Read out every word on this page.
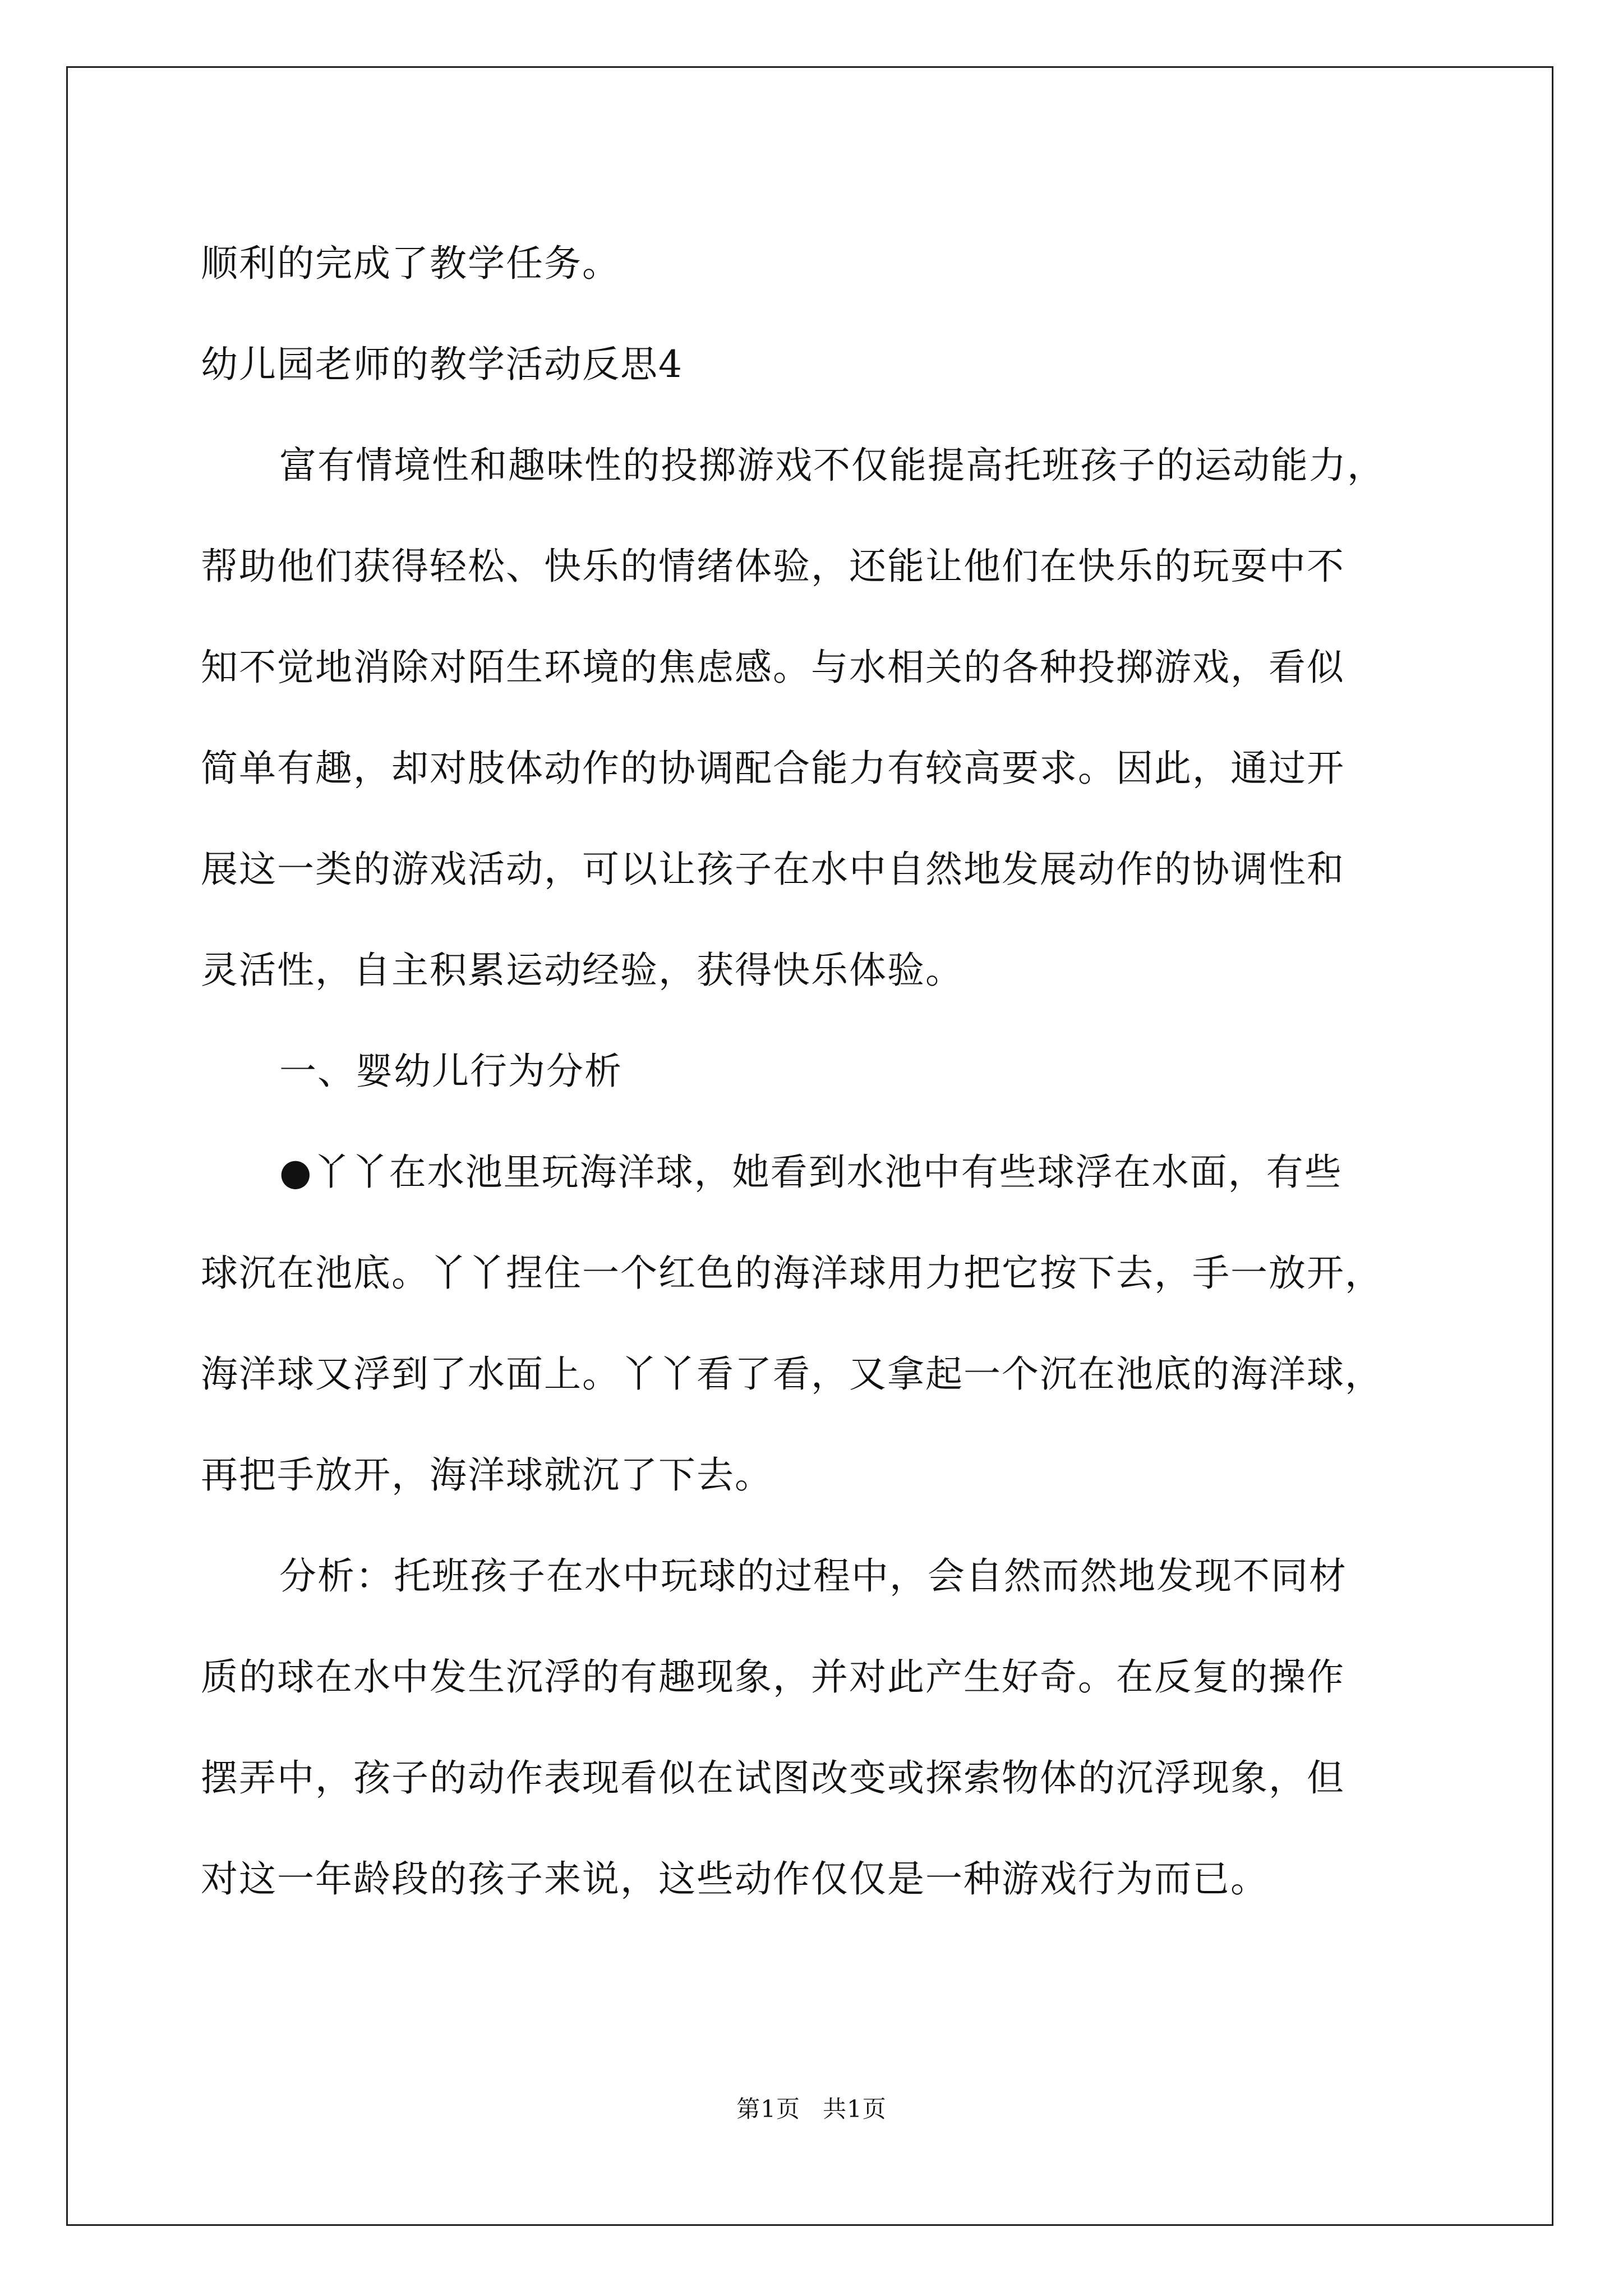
顺利的完成了教学任务。
幼儿园老师的教学活动反思4
富有情境性和趣味性的投掷游戏不仅能提高托班孩子的运动能力，
帮助他们获得轻松、快乐的情绪体验，还能让他们在快乐的玩耍中不
知不觉地消除对陌生环境的焦虑感。与水相关的各种投掷游戏，看似
简单有趣，却对肢体动作的协调配合能力有较高要求。因此，通过开
展这一类的游戏活动，可以让孩子在水中自然地发展动作的协调性和
灵活性，自主积累运动经验，获得快乐体验。
一、婴幼儿行为分析
●丫丫在水池里玩海洋球，她看到水池中有些球浮在水面，有些
球沉在池底。丫丫捏住一个红色的海洋球用力把它按下去，手一放开，
海洋球又浮到了水面上。丫丫看了看，又拿起一个沉在池底的海洋球，
再把手放开，海洋球就沉了下去。
分析：托班孩子在水中玩球的过程中，会自然而然地发现不同材
质的球在水中发生沉浮的有趣现象，并对此产生好奇。在反复的操作
摆弄中，孩子的动作表现看似在试图改变或探索物体的沉浮现象，但
对这一年龄段的孩子来说，这些动作仅仅是一种游戏行为而已。
第1页 共1页
